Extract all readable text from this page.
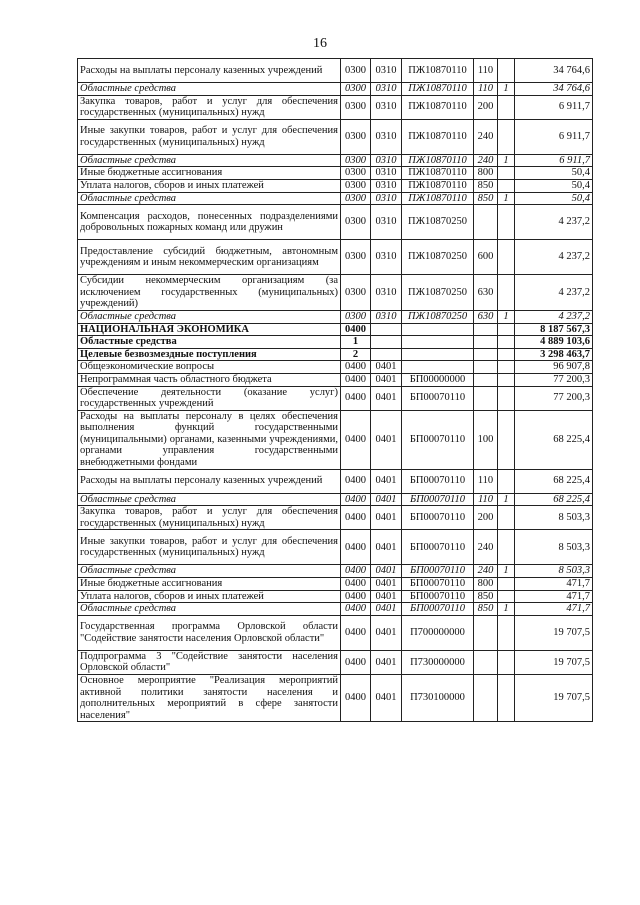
16
Расходы на выплаты персоналу казенных учреждений	0300	0310	ПЖ10870110	110		34 764,6
Областные средства	0300	0310	ПЖ10870110	110	1	34 764,6
Закупка товаров, работ и услуг для обеспечения государственных (муниципальных) нужд	0300	0310	ПЖ10870110	200		6 911,7
Иные закупки товаров, работ и услуг для обеспечения государственных (муниципальных) нужд	0300	0310	ПЖ10870110	240		6 911,7
Областные средства	0300	0310	ПЖ10870110	240	1	6 911,7
Иные бюджетные ассигнования	0300	0310	ПЖ10870110	800		50,4
Уплата налогов, сборов и иных платежей	0300	0310	ПЖ10870110	850		50,4
Областные средства	0300	0310	ПЖ10870110	850	1	50,4
Компенсация расходов, понесенных подразделениями добровольных пожарных команд или дружин	0300	0310	ПЖ10870250			4 237,2
Предоставление субсидий бюджетным, автономным учреждениям и иным некоммерческим организациям	0300	0310	ПЖ10870250	600		4 237,2
Субсидии некоммерческим организациям (за исключением государственных (муниципальных) учреждений)	0300	0310	ПЖ10870250	630		4 237,2
Областные средства	0300	0310	ПЖ10870250	630	1	4 237,2
НАЦИОНАЛЬНАЯ ЭКОНОМИКА	0400					8 187 567,3
Областные средства	1					4 889 103,6
Целевые безвозмездные поступления	2					3 298 463,7
Общеэкономические вопросы	0400	0401				96 907,8
Непрограммная часть областного бюджета	0400	0401	БП00000000			77 200,3
Обеспечение деятельности (оказание услуг) государственных учреждений	0400	0401	БП00070110			77 200,3
Расходы на выплаты персоналу в целях обеспечения выполнения функций государственными (муниципальными) органами, казенными учреждениями, органами управления государственными внебюджетными фондами	0400	0401	БП00070110	100		68 225,4
Расходы на выплаты персоналу казенных учреждений	0400	0401	БП00070110	110		68 225,4
Областные средства	0400	0401	БП00070110	110	1	68 225,4
Закупка товаров, работ и услуг для обеспечения государственных (муниципальных) нужд	0400	0401	БП00070110	200		8 503,3
Иные закупки товаров, работ и услуг для обеспечения государственных (муниципальных) нужд	0400	0401	БП00070110	240		8 503,3
Областные средства	0400	0401	БП00070110	240	1	8 503,3
Иные бюджетные ассигнования	0400	0401	БП00070110	800		471,7
Уплата налогов, сборов и иных платежей	0400	0401	БП00070110	850		471,7
Областные средства	0400	0401	БП00070110	850	1	471,7
Государственная программа Орловской области "Содействие занятости населения Орловской области"	0400	0401	П700000000			19 707,5
Подпрограмма 3 "Содействие занятости населения Орловской области"	0400	0401	П730000000			19 707,5
Основное мероприятие "Реализация мероприятий активной политики занятости населения и дополнительных мероприятий в сфере занятости населения"	0400	0401	П730100000			19 707,5
